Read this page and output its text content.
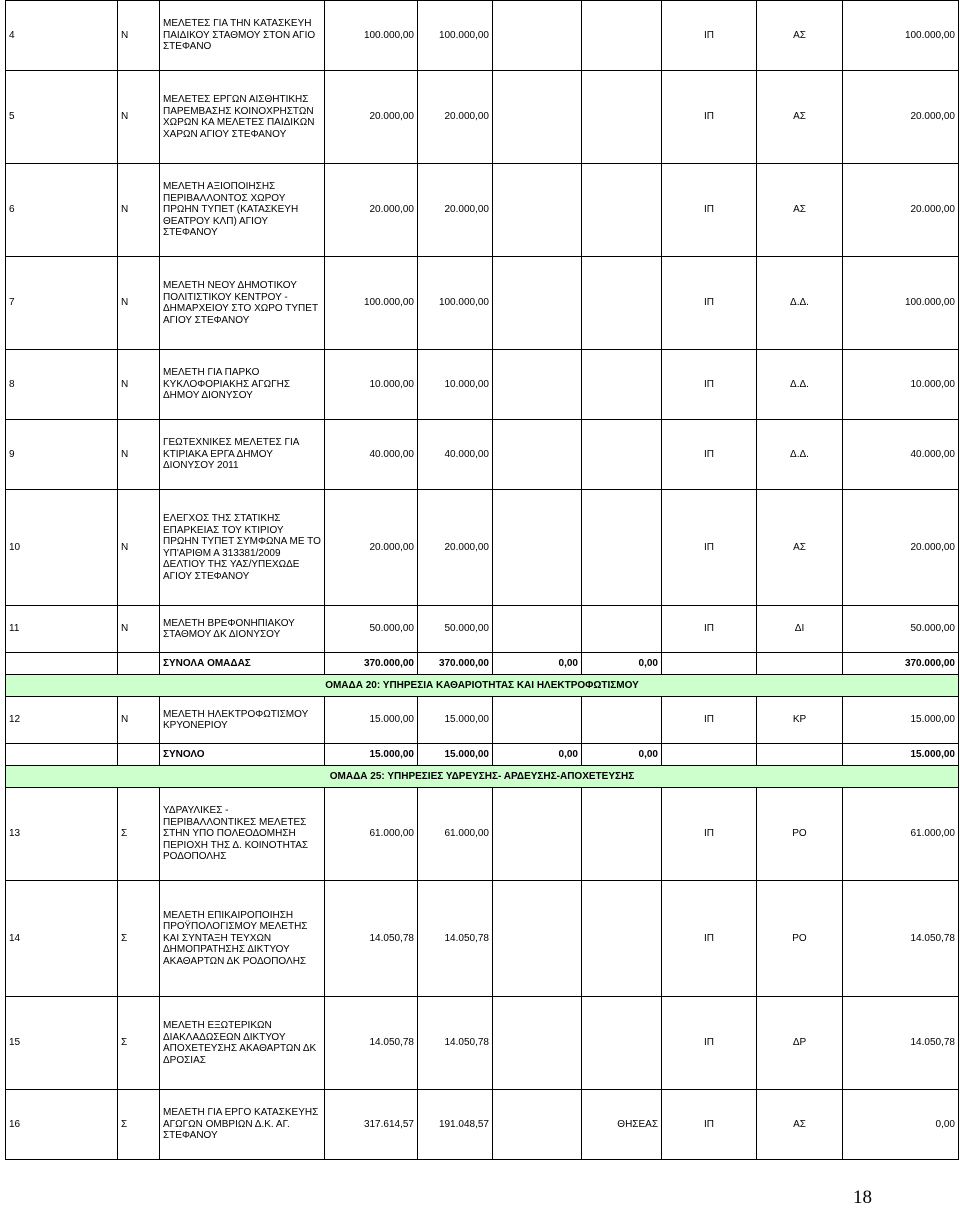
4	Ν	ΜΕΛΕΤΕΣ ΓΙΑ ΤΗΝ ΚΑΤΑΣΚΕΥΗ ΠΑΙΔΙΚΟΥ ΣΤΑΘΜΟΥ ΣΤΟΝ ΑΓΙΟ ΣΤΕΦΑΝΟ	100.000,00	100.000,00			ΙΠ	ΑΣ	100.000,00
5	Ν	ΜΕΛΕΤΕΣ ΕΡΓΩΝ ΑΙΣΘΗΤΙΚΗΣ ΠΑΡΕΜΒΑΣΗΣ ΚΟΙΝΟΧΡΗΣΤΩΝ ΧΩΡΩΝ ΚΑ ΜΕΛΕΤΕΣ ΠΑΙΔΙΚΩΝ ΧΑΡΩΝ ΑΓΙΟΥ ΣΤΕΦΑΝΟΥ	20.000,00	20.000,00			ΙΠ	ΑΣ	20.000,00
6	Ν	ΜΕΛΕΤΗ ΑΞΙΟΠΟΙΗΣΗΣ ΠΕΡΙΒΑΛΛΟΝΤΟΣ ΧΩΡΟΥ ΠΡΩΗΝ ΤΥΠΕΤ (ΚΑΤΑΣΚΕΥΗ ΘΕΑΤΡΟΥ ΚΛΠ) ΑΓΙΟΥ ΣΤΕΦΑΝΟΥ	20.000,00	20.000,00			ΙΠ	ΑΣ	20.000,00
7	Ν	ΜΕΛΕΤΗ ΝΕΟΥ ΔΗΜΟΤΙΚΟΥ ΠΟΛΙΤΙΣΤΙΚΟΥ ΚΕΝΤΡΟΥ - ΔΗΜΑΡΧΕΙΟΥ ΣΤΟ ΧΩΡΟ ΤΥΠΕΤ ΑΓΙΟΥ ΣΤΕΦΑΝΟΥ	100.000,00	100.000,00			ΙΠ	Δ.Δ.	100.000,00
8	Ν	ΜΕΛΕΤΗ ΓΙΑ ΠΑΡΚΟ ΚΥΚΛΟΦΟΡΙΑΚΗΣ ΑΓΩΓΗΣ ΔΗΜΟΥ ΔΙΟΝΥΣΟΥ	10.000,00	10.000,00			ΙΠ	Δ.Δ.	10.000,00
9	Ν	ΓΕΩΤΕΧΝΙΚΕΣ ΜΕΛΕΤΕΣ ΓΙΑ ΚΤΙΡΙΑΚΑ ΕΡΓΑ ΔΗΜΟΥ ΔΙΟΝΥΣΟΥ 2011	40.000,00	40.000,00			ΙΠ	Δ.Δ.	40.000,00
10	Ν	ΕΛΕΓΧΟΣ ΤΗΣ ΣΤΑΤΙΚΗΣ ΕΠΑΡΚΕΙΑΣ ΤΟΥ ΚΤΙΡΙΟΥ ΠΡΩΗΝ ΤΥΠΕΤ ΣΥΜΦΩΝΑ ΜΕ ΤΟ ΥΠ'ΑΡΙΘΜ Α 313381/2009 ΔΕΛΤΙΟΥ ΤΗΣ ΥΑΣ/ΥΠΕΧΩΔΕ ΑΓΙΟΥ ΣΤΕΦΑΝΟΥ	20.000,00	20.000,00			ΙΠ	ΑΣ	20.000,00
11	Ν	ΜΕΛΕΤΗ ΒΡΕΦΟΝΗΠΙΑΚΟΥ ΣΤΑΘΜΟΥ ΔΚ ΔΙΟΝΥΣΟΥ	50.000,00	50.000,00			ΙΠ	ΔΙ	50.000,00
		ΣΥΝΟΛΑ ΟΜΑΔΑΣ	370.000,00	370.000,00	0,00	0,00			370.000,00
ΟΜΑΔΑ 20: ΥΠΗΡΕΣΙΑ ΚΑΘΑΡΙΟΤΗΤΑΣ ΚΑΙ ΗΛΕΚΤΡΟΦΩΤΙΣΜΟΥ									
12	Ν	ΜΕΛΕΤΗ ΗΛΕΚΤΡΟΦΩΤΙΣΜΟΥ ΚΡΥΟΝΕΡΙΟΥ	15.000,00	15.000,00			ΙΠ	ΚΡ	15.000,00
		ΣΥΝΟΛΟ	15.000,00	15.000,00	0,00	0,00			15.000,00
ΟΜΑΔΑ 25: ΥΠΗΡΕΣΙΕΣ ΥΔΡΕΥΣΗΣ- ΑΡΔΕΥΣΗΣ-ΑΠΟΧΕΤΕΥΣΗΣ									
13	Σ	ΥΔΡΑΥΛΙΚΕΣ - ΠΕΡΙΒΑΛΛΟΝΤΙΚΕΣ ΜΕΛΕΤΕΣ ΣΤΗΝ ΥΠΟ ΠΟΛΕΟΔΟΜΗΣΗ ΠΕΡΙΟΧΗ ΤΗΣ Δ. ΚΟΙΝΟΤΗΤΑΣ ΡΟΔΟΠΟΛΗΣ	61.000,00	61.000,00			ΙΠ	ΡΟ	61.000,00
14	Σ	ΜΕΛΕΤΗ ΕΠΙΚΑΙΡΟΠΟΙΗΣΗ ΠΡΟΫΠΟΛΟΓΙΣΜΟΥ ΜΕΛΕΤΗΣ ΚΑΙ ΣΥΝΤΑΞΗ ΤΕΥΧΩΝ ΔΗΜΟΠΡΑΤΗΣΗΣ ΔΙΚΤΥΟΥ ΑΚΑΘΑΡΤΩΝ ΔΚ ΡΟΔΟΠΟΛΗΣ	14.050,78	14.050,78			ΙΠ	ΡΟ	14.050,78
15	Σ	ΜΕΛΕΤΗ ΕΞΩΤΕΡΙΚΩΝ ΔΙΑΚΛΑΔΩΣΕΩΝ ΔΙΚΤΥΟΥ ΑΠΟΧΕΤΕΥΣΗΣ ΑΚΑΘΑΡΤΩΝ ΔΚ ΔΡΟΣΙΑΣ	14.050,78	14.050,78			ΙΠ	ΔΡ	14.050,78
16	Σ	ΜΕΛΕΤΗ ΓΙΑ ΕΡΓΟ ΚΑΤΑΣΚΕΥΗΣ ΑΓΩΓΩΝ ΟΜΒΡΙΩΝ Δ.Κ. ΑΓ. ΣΤΕΦΑΝΟΥ	317.614,57	191.048,57		ΘΗΣΕΑΣ	ΙΠ	ΑΣ	0,00
18
